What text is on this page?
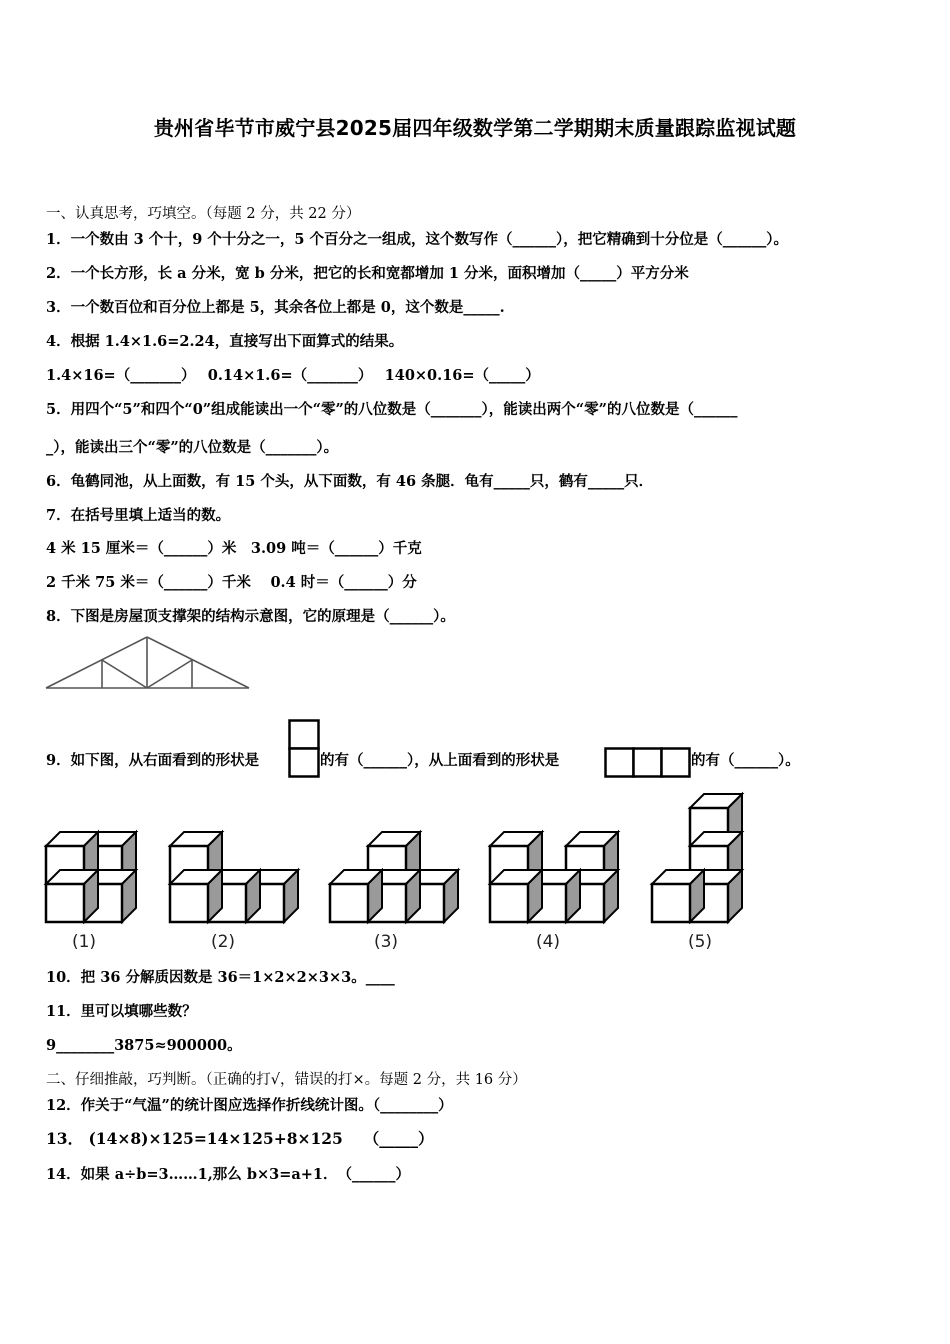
贵州省毕节市威宁县2025届四年级数学第二学期期末质量跟踪监视试题
一、认真思考，巧填空。（每题 2 分，共 22 分）
1．一个数由 3 个十，9 个十分之一，5 个百分之一组成，这个数写作（______），把它精确到十分位是（______）。
2．一个长方形，长 a 分米，宽 b 分米，把它的长和宽都增加 1 分米，面积增加（_____）平方分米
3．一个数百位和百分位上都是 5，其余各位上都是 0，这个数是_____.
4．根据 1.4×1.6=2.24，直接写出下面算式的结果。
1.4×16=（_______）　 0.14×1.6=（_______）　 140×0.16=（_____）
5．用四个“5”和四个“0”组成能读出一个“零”的八位数是（_______），能读出两个“零”的八位数是（______
_），能读出三个“零”的八位数是（_______）。
6．龟鹤同池，从上面数，有 15 个头，从下面数，有 46 条腿．龟有_____只，鹤有_____只．
7．在括号里填上适当的数。
4 米 15 厘米＝（______）米　3.09 吨＝（______）千克
2 千米 75 米＝（______）千米　 0.4 时＝（______）分
8．下图是房屋顶支撑架的结构示意图，它的原理是（______）。
9．如下图，从右面看到的形状是	的有（______），从上面看到的形状是	的有（______）。
(1)	(2)	(3)	(4)	(5)
10．把 36 分解质因数是 36＝1×2×2×3×3。____
11．里可以填哪些数？
9________3875≈900000。
二、仔细推敲，巧判断。（正确的打√，错误的打×。每题 2 分，共 16 分）
12．作关于“气温”的统计图应选择作折线统计图。（________）
13． (14×8)×125=14×125+8×125　 （_____）
14．如果 a÷b=3……1,那么 b×3=a+1．　（______）
